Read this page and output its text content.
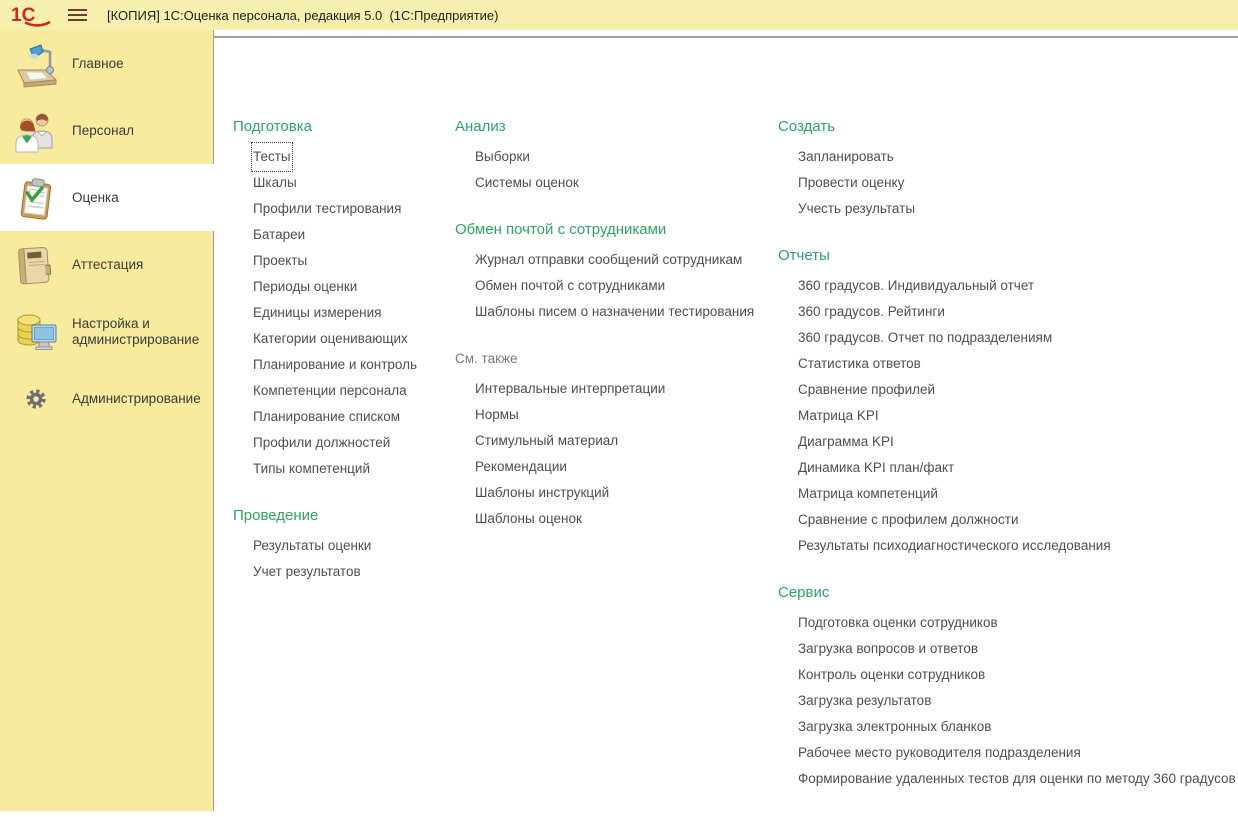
1С	[КОПИЯ] 1С:Оценка персонала, редакция 5.0  (1С:Предприятие)
Главное
Персонал
Оценка
Аттестация
Настройка и администрирование
Администрирование
Подготовка
Тесты
Шкалы
Профили тестирования
Батареи
Проекты
Периоды оценки
Единицы измерения
Категории оценивающих
Планирование и контроль
Компетенции персонала
Планирование списком
Профили должностей
Типы компетенций
Проведение
Результаты оценки
Учет результатов
Анализ
Выборки
Системы оценок
Обмен почтой с сотрудниками
Журнал отправки сообщений сотрудникам
Обмен почтой с сотрудниками
Шаблоны писем о назначении тестирования
См. также
Интервальные интерпретации
Нормы
Стимульный материал
Рекомендации
Шаблоны инструкций
Шаблоны оценок
Создать
Запланировать
Провести оценку
Учесть результаты
Отчеты
360 градусов. Индивидуальный отчет
360 градусов. Рейтинги
360 градусов. Отчет по подразделениям
Статистика ответов
Сравнение профилей
Матрица KPI
Диаграмма KPI
Динамика KPI план/факт
Матрица компетенций
Сравнение с профилем должности
Результаты психодиагностического исследования
Сервис
Подготовка оценки сотрудников
Загрузка вопросов и ответов
Контроль оценки сотрудников
Загрузка результатов
Загрузка электронных бланков
Рабочее место руководителя подразделения
Формирование удаленных тестов для оценки по методу 360 градусов
